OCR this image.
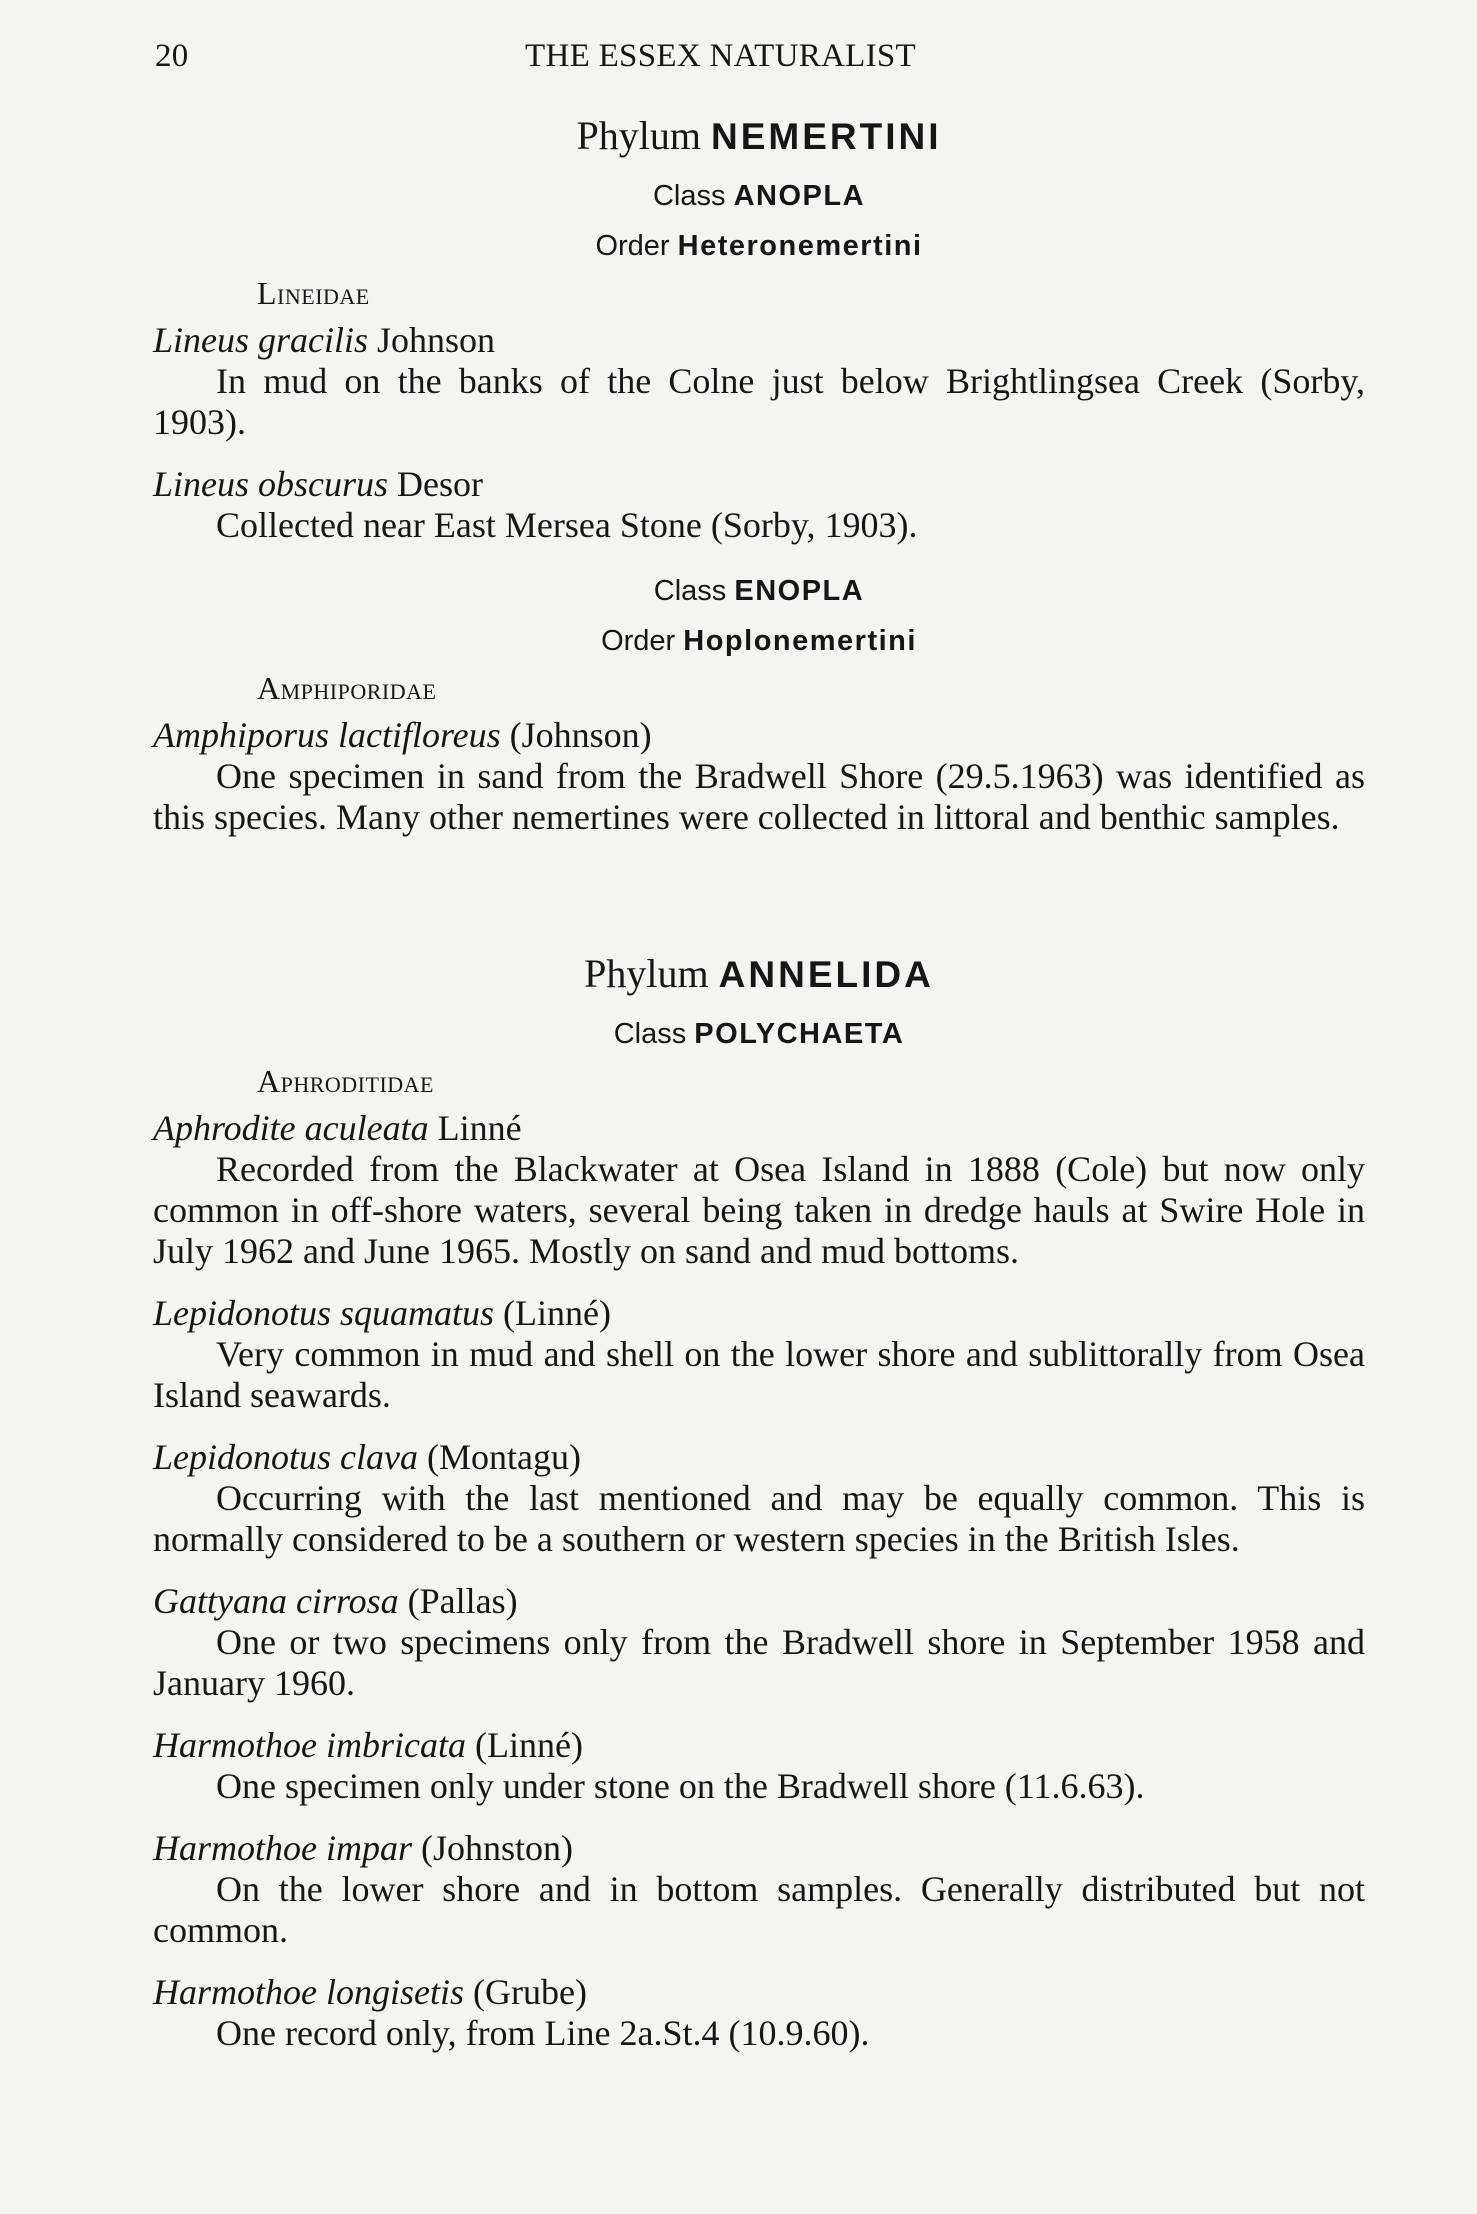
20	THE ESSEX NATURALIST
Phylum NEMERTINI
Class ANOPLA
Order Heteronemertini
Lineidae
Lineus gracilis Johnson

In mud on the banks of the Colne just below Brightlingsea Creek (Sorby, 1903).

Lineus obscurus Desor

Collected near East Mersea Stone (Sorby, 1903).

Class ENOPLA
Order Hoplonemertini
Amphiporidae
Amphiporus lactifloreus (Johnson)

One specimen in sand from the Bradwell Shore (29.5.1963) was identified as this species. Many other nemertines were collected in littoral and benthic samples.

Phylum ANNELIDA
Class POLYCHAETA
Aphroditidae
Aphrodite aculeata Linné

Recorded from the Blackwater at Osea Island in 1888 (Cole) but now only common in off-shore waters, several being taken in dredge hauls at Swire Hole in July 1962 and June 1965. Mostly on sand and mud bottoms.

Lepidonotus squamatus (Linné)

Very common in mud and shell on the lower shore and sublittorally from Osea Island seawards.

Lepidonotus clava (Montagu)

Occurring with the last mentioned and may be equally common. This is normally considered to be a southern or western species in the British Isles.

Gattyana cirrosa (Pallas)

One or two specimens only from the Bradwell shore in September 1958 and January 1960.

Harmothoe imbricata (Linné)

One specimen only under stone on the Bradwell shore (11.6.63).

Harmothoe impar (Johnston)

On the lower shore and in bottom samples. Generally distributed but not common.

Harmothoe longisetis (Grube)

One record only, from Line 2a.St.4 (10.9.60).
